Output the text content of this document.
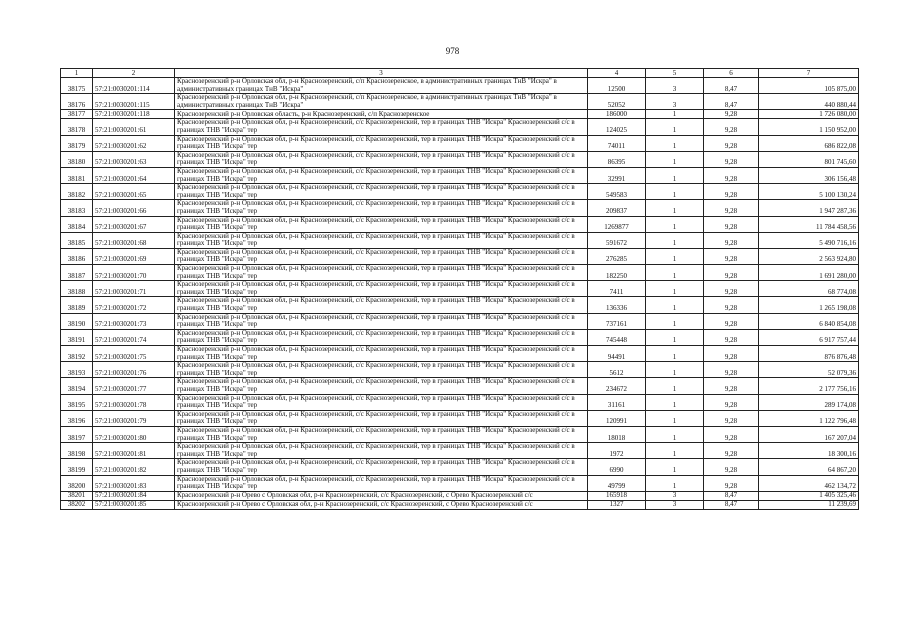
978
1	2	3	4	5	6	7
38175	57:21:0030201:114	Краснозеренский р-н Орловская обл, р-н Краснозеренский, с/п Краснозеренское, в административных границах ТнВ "Искра" в
административных границах ТнВ "Искра"	12500	3	8,47	105 875,00
38176	57:21:0030201:115	Краснозеренский р-н Орловская обл, р-н Краснозеренский, с/п Краснозеренское, в административных границах ТнВ "Искра" в
административных границах ТнВ "Искра"	52052	3	8,47	440 880,44
38177	57:21:0030201:118	Краснозеренский р-н Орловская область, р-н Краснозеренский, с/п Краснозеренское	186000	1	9,28	1 726 080,00
38178	57:21:0030201:61	Краснозеренский р-н Орловская обл, р-н Краснозеренский, с/с Краснозеренский, тер в границах ТНВ "Искра" Краснозеренский с/с в
границах ТНВ "Искра" тер	124025	1	9,28	1 150 952,00
38179	57:21:0030201:62	Краснозеренский р-н Орловская обл, р-н Краснозеренский, с/с Краснозеренский, тер в границах ТНВ "Искра" Краснозеренский с/с в
границах ТНВ "Искра" тер	74011	1	9,28	686 822,08
38180	57:21:0030201:63	Краснозеренский р-н Орловская обл, р-н Краснозеренский, с/с Краснозеренский, тер в границах ТНВ "Искра" Краснозеренский с/с в
границах ТНВ "Искра" тер	86395	1	9,28	801 745,60
38181	57:21:0030201:64	Краснозеренский р-н Орловская обл, р-н Краснозеренский, с/с Краснозеренский, тер в границах ТНВ "Искра" Краснозеренский с/с в
границах ТНВ "Искра" тер	32991	1	9,28	306 156,48
38182	57:21:0030201:65	Краснозеренский р-н Орловская обл, р-н Краснозеренский, с/с Краснозеренский, тер в границах ТНВ "Искра" Краснозеренский с/с в
границах ТНВ "Искра" тер	549583	1	9,28	5 100 130,24
38183	57:21:0030201:66	Краснозеренский р-н Орловская обл, р-н Краснозеренский, с/с Краснозеренский, тер в границах ТНВ "Искра" Краснозеренский с/с в
границах ТНВ "Искра" тер	209837	1	9,28	1 947 287,36
38184	57:21:0030201:67	Краснозеренский р-н Орловская обл, р-н Краснозеренский, с/с Краснозеренский, тер в границах ТНВ "Искра" Краснозеренский с/с в
границах ТНВ "Искра" тер	1269877	1	9,28	11 784 458,56
38185	57:21:0030201:68	Краснозеренский р-н Орловская обл, р-н Краснозеренский, с/с Краснозеренский, тер в границах ТНВ "Искра" Краснозеренский с/с в
границах ТНВ "Искра" тер	591672	1	9,28	5 490 716,16
38186	57:21:0030201:69	Краснозеренский р-н Орловская обл, р-н Краснозеренский, с/с Краснозеренский, тер в границах ТНВ "Искра" Краснозеренский с/с в
границах ТНВ "Искра" тер	276285	1	9,28	2 563 924,80
38187	57:21:0030201:70	Краснозеренский р-н Орловская обл, р-н Краснозеренский, с/с Краснозеренский, тер в границах ТНВ "Искра" Краснозеренский с/с в
границах ТНВ "Искра" тер	182250	1	9,28	1 691 280,00
38188	57:21:0030201:71	Краснозеренский р-н Орловская обл, р-н Краснозеренский, с/с Краснозеренский, тер в границах ТНВ "Искра" Краснозеренский с/с в
границах ТНВ "Искра" тер	7411	1	9,28	68 774,08
38189	57:21:0030201:72	Краснозеренский р-н Орловская обл, р-н Краснозеренский, с/с Краснозеренский, тер в границах ТНВ "Искра" Краснозеренский с/с в
границах ТНВ "Искра" тер	136336	1	9,28	1 265 198,08
38190	57:21:0030201:73	Краснозеренский р-н Орловская обл, р-н Краснозеренский, с/с Краснозеренский, тер в границах ТНВ "Искра" Краснозеренский с/с в
границах ТНВ "Искра" тер	737161	1	9,28	6 840 854,08
38191	57:21:0030201:74	Краснозеренский р-н Орловская обл, р-н Краснозеренский, с/с Краснозеренский, тер в границах ТНВ "Искра" Краснозеренский с/с в
границах ТНВ "Искра" тер	745448	1	9,28	6 917 757,44
38192	57:21:0030201:75	Краснозеренский р-н Орловская обл, р-н Краснозеренский, с/с Краснозеренский, тер в границах ТНВ "Искра" Краснозеренский с/с в
границах ТНВ "Искра" тер	94491	1	9,28	876 876,48
38193	57:21:0030201:76	Краснозеренский р-н Орловская обл, р-н Краснозеренский, с/с Краснозеренский, тер в границах ТНВ "Искра" Краснозеренский с/с в
границах ТНВ "Искра" тер	5612	1	9,28	52 079,36
38194	57:21:0030201:77	Краснозеренский р-н Орловская обл, р-н Краснозеренский, с/с Краснозеренский, тер в границах ТНВ "Искра" Краснозеренский с/с в
границах ТНВ "Искра" тер	234672	1	9,28	2 177 756,16
38195	57:21:0030201:78	Краснозеренский р-н Орловская обл, р-н Краснозеренский, с/с Краснозеренский, тер в границах ТНВ "Искра" Краснозеренский с/с в
границах ТНВ "Искра" тер	31161	1	9,28	289 174,08
38196	57:21:0030201:79	Краснозеренский р-н Орловская обл, р-н Краснозеренский, с/с Краснозеренский, тер в границах ТНВ "Искра" Краснозеренский с/с в
границах ТНВ "Искра" тер	120991	1	9,28	1 122 796,48
38197	57:21:0030201:80	Краснозеренский р-н Орловская обл, р-н Краснозеренский, с/с Краснозеренский, тер в границах ТНВ "Искра" Краснозеренский с/с в
границах ТНВ "Искра" тер	18018	1	9,28	167 207,04
38198	57:21:0030201:81	Краснозеренский р-н Орловская обл, р-н Краснозеренский, с/с Краснозеренский, тер в границах ТНВ "Искра" Краснозеренский с/с в
границах ТНВ "Искра" тер	1972	1	9,28	18 300,16
38199	57:21:0030201:82	Краснозеренский р-н Орловская обл, р-н Краснозеренский, с/с Краснозеренский, тер в границах ТНВ "Искра" Краснозеренский с/с в
границах ТНВ "Искра" тер	6990	1	9,28	64 867,20
38200	57:21:0030201:83	Краснозеренский р-н Орловская обл, р-н Краснозеренский, с/с Краснозеренский, тер в границах ТНВ "Искра" Краснозеренский с/с в
границах ТНВ "Искра" тер	49799	1	9,28	462 134,72
38201	57:21:0030201:84	Краснозеренский р-н Орево с Орловская обл, р-н Краснозеренский, с/с Краснозеренский, с Орево Краснозеренский с/с	165918	3	8,47	1 405 325,46
38202	57:21:0030201:85	Краснозеренский р-н Орево с Орловская обл, р-н Краснозеренский, с/с Краснозеренский, с Орево Краснозеренский с/с	1327	3	8,47	11 239,69
